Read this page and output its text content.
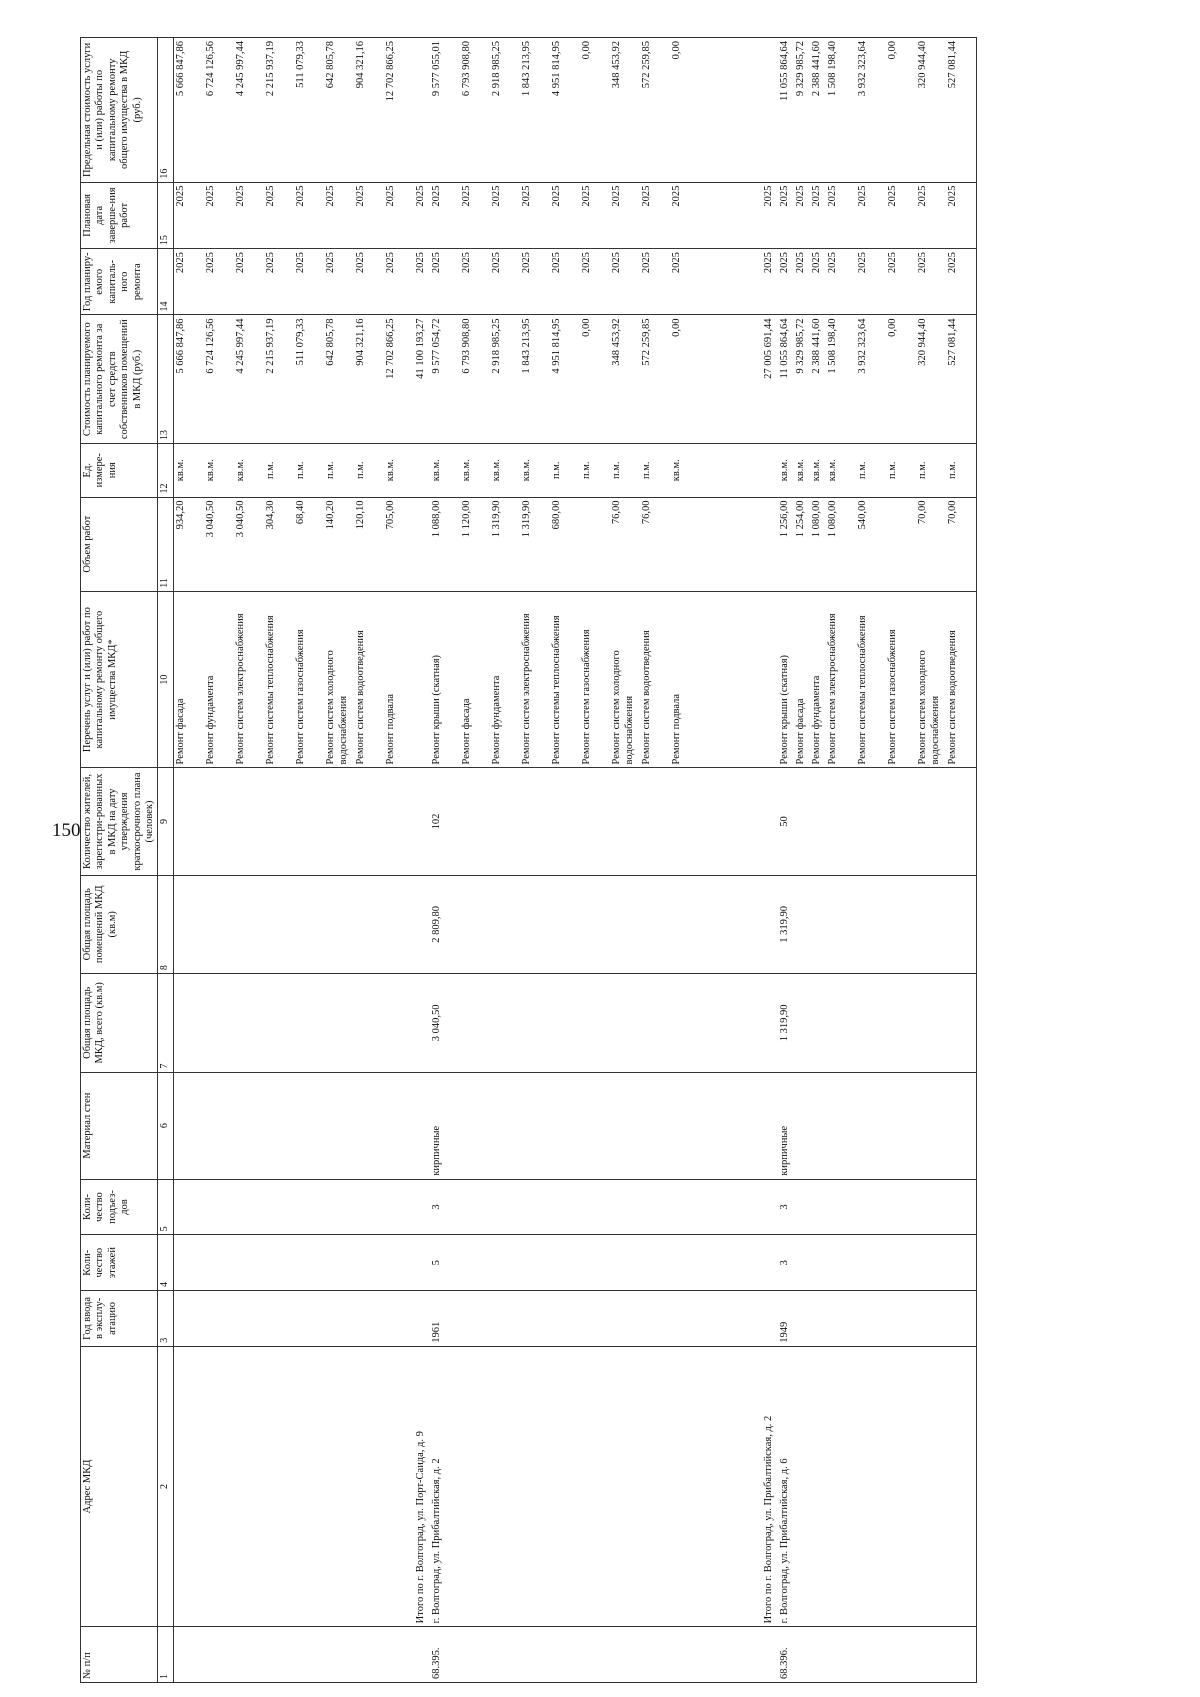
150
№ п/п	Адрес МКД	Год ввода в эксплу-атацию	Коли-чество этажей	Коли-чество подъез-дов	Материал стен	Общая площадь МКД, всего (кв.м)	Общая площадь помещений МКД (кв.м)	Количество жителей, зарегистри-рованных в МКД на дату утверждения краткосрочного плана (человек)	Перечень услуг и (или) работ по капитальному ремонту общего имущества МКД*	Объем работ	Ед. измере-ния	Стоимость планируемого капитального ремонта за счет средств собственников помещений в МКД (руб.)	Год планиру-емого капиталь-ного ремонта	Плановая дата заверше-ния работ	Предельная стоимость услуги и (или) работы по капитальному ремонту общего имущества в МКД (руб.)
1	2	3	4	5	6	7	8	9	10	11	12	13	14	15	16
									Ремонт фасада	934,20	кв.м.	5 666 847,86	2025	2025	5 666 847,86
									Ремонт фундамента	3 040,50	кв.м.	6 724 126,56	2025	2025	6 724 126,56
									Ремонт систем электроснабжения	3 040,50	кв.м.	4 245 997,44	2025	2025	4 245 997,44
									Ремонт системы теплоснабжения	304,30	п.м.	2 215 937,19	2025	2025	2 215 937,19
									Ремонт систем газоснабжения	68,40	п.м.	511 079,33	2025	2025	511 079,33
									Ремонт систем холодного водоснабжения	140,20	п.м.	642 805,78	2025	2025	642 805,78
									Ремонт систем водоотведения	120,10	п.м.	904 321,16	2025	2025	904 321,16
									Ремонт подвала	705,00	кв.м.	12 702 866,25	2025	2025	12 702 866,25
	Итого по г. Волгоград, ул. Порт-Саида, д. 9											41 100 193,27	2025	2025	
68.395.	г. Волгоград, ул. Прибалтийская, д. 2	1961	5	3	кирпичные	3 040,50	2 809,80	102	Ремонт крыши (скатная)	1 088,00	кв.м.	9 577 054,72	2025	2025	9 577 055,01
									Ремонт фасада	1 120,00	кв.м.	6 793 908,80	2025	2025	6 793 908,80
									Ремонт фундамента	1 319,90	кв.м.	2 918 985,25	2025	2025	2 918 985,25
									Ремонт систем электроснабжения	1 319,90	кв.м.	1 843 213,95	2025	2025	1 843 213,95
									Ремонт системы теплоснабжения	680,00	п.м.	4 951 814,95	2025	2025	4 951 814,95
									Ремонт систем газоснабжения		п.м.	0,00	2025	2025	0,00
									Ремонт систем холодного водоснабжения	76,00	п.м.	348 453,92	2025	2025	348 453,92
									Ремонт систем водоотведения	76,00	п.м.	572 259,85	2025	2025	572 259,85
									Ремонт подвала		кв.м.	0,00	2025	2025	0,00

	Итого по г. Волгоград, ул. Прибалтийская, д. 2											27 005 691,44	2025	2025	
68.396.	г. Волгоград, ул. Прибалтийская, д. 6	1949	3	3	кирпичные	1 319,90	1 319,90	50	Ремонт крыши (скатная)	1 256,00	кв.м.	11 055 864,64	2025	2025	11 055 864,64
									Ремонт фасада	1 254,00	кв.м.	9 329 985,72	2025	2025	9 329 985,72
									Ремонт фундамента	1 080,00	кв.м.	2 388 441,60	2025	2025	2 388 441,60
									Ремонт систем электроснабжения	1 080,00	кв.м.	1 508 198,40	2025	2025	1 508 198,40
									Ремонт системы теплоснабжения	540,00	п.м.	3 932 323,64	2025	2025	3 932 323,64
									Ремонт систем газоснабжения		п.м.	0,00	2025	2025	0,00
									Ремонт систем холодного водоснабжения	70,00	п.м.	320 944,40	2025	2025	320 944,40
									Ремонт систем водоотведения	70,00	п.м.	527 081,44	2025	2025	527 081,44
